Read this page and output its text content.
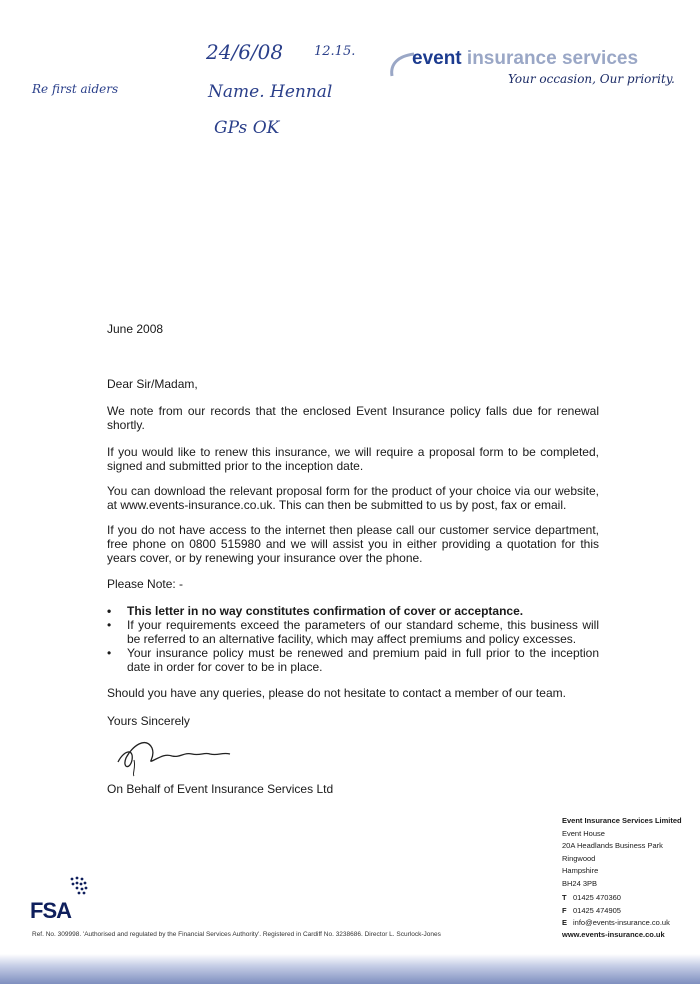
24/6/08 12.15.
Name. Hennal
GPs OK
Re first aiders
event insurance services
Your occasion, Our priority.
June 2008
Dear Sir/Madam,
We note from our records that the enclosed Event Insurance policy falls due for renewal shortly.
If you would like to renew this insurance, we will require a proposal form to be completed, signed and submitted prior to the inception date.
You can download the relevant proposal form for the product of your choice via our website, at www.events-insurance.co.uk. This can then be submitted to us by post, fax or email.
If you do not have access to the internet then please call our customer service department, free phone on 0800 515980 and we will assist you in either providing a quotation for this years cover, or by renewing your insurance over the phone.
Please Note: -
• This letter in no way constitutes confirmation of cover or acceptance.
• If your requirements exceed the parameters of our standard scheme, this business will be referred to an alternative facility, which may affect premiums and policy excesses.
• Your insurance policy must be renewed and premium paid in full prior to the inception date in order for cover to be in place.
Should you have any queries, please do not hesitate to contact a member of our team.
Yours Sincerely
On Behalf of Event Insurance Services Ltd
Event Insurance Services Limited
Event House
20A Headlands Business Park
Ringwood
Hampshire
BH24 3PB
T 01425 470360
F 01425 474905
E info@events-insurance.co.uk
www.events-insurance.co.uk
FSA
Ref. No. 309998. 'Authorised and regulated by the Financial Services Authority'. Registered in Cardiff No. 3238686. Director L. Scurlock-Jones
